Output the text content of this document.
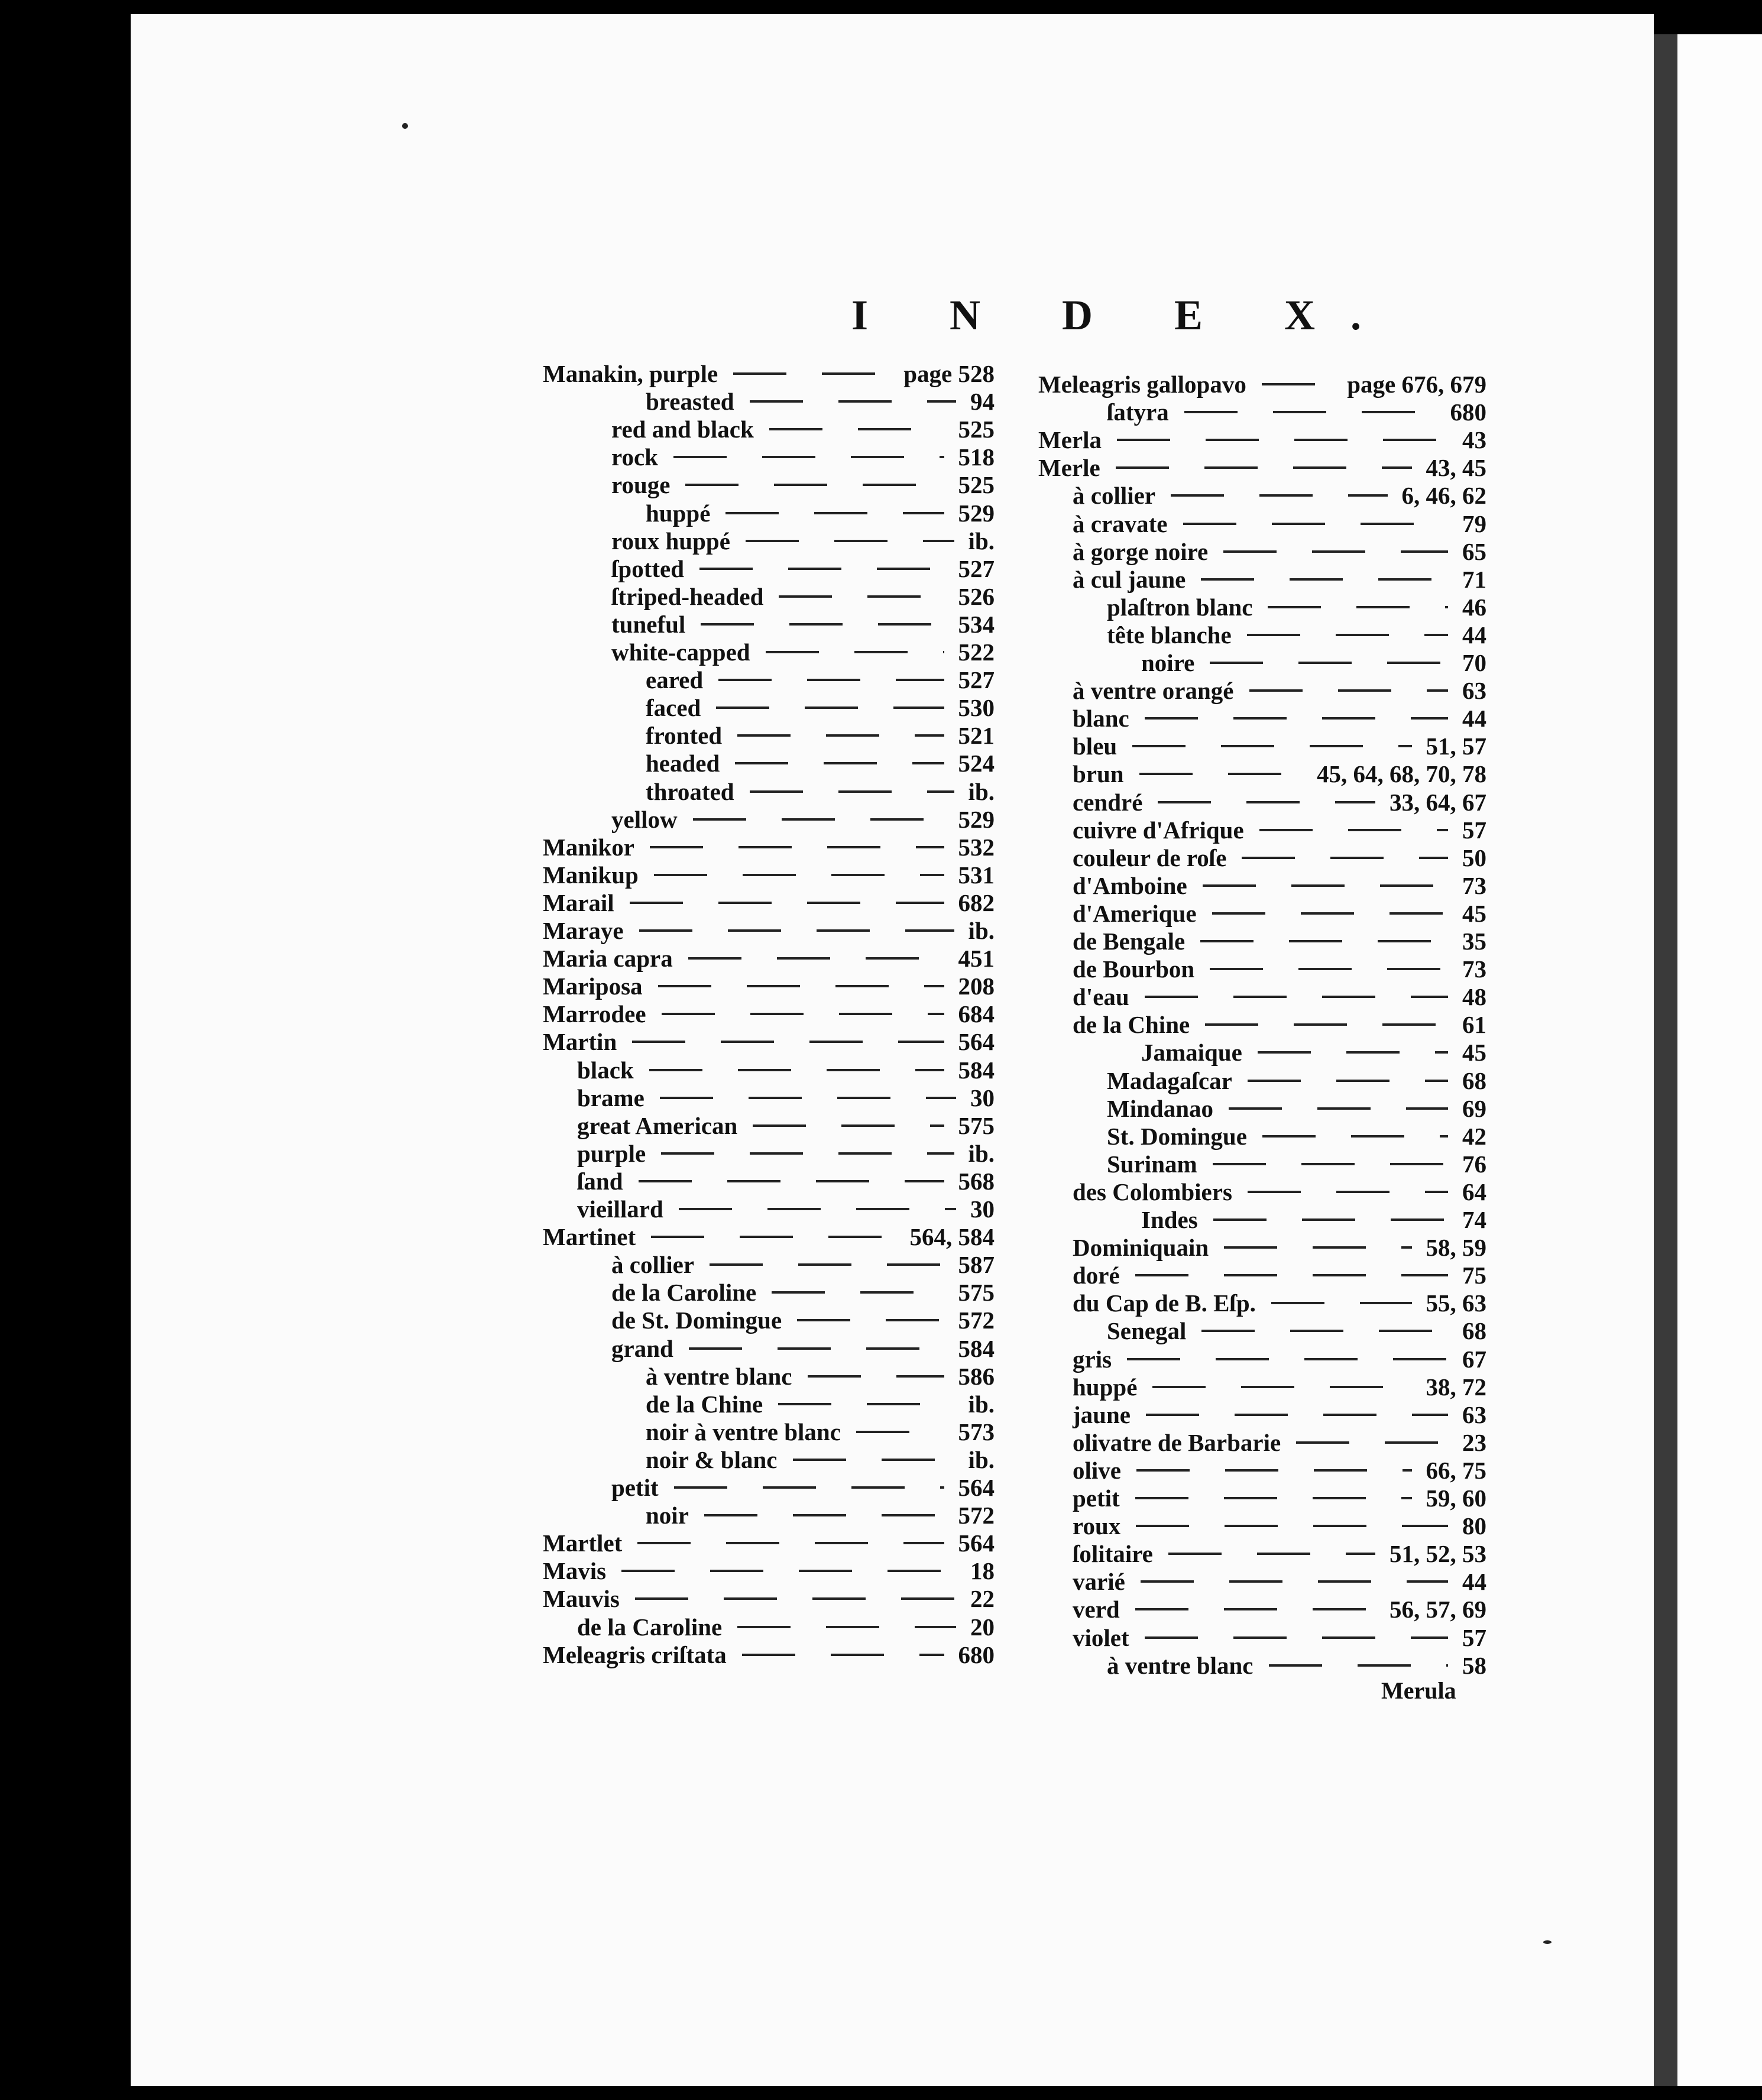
I N D E X.
Manakin, purple	page 528
breasted	94
red and black	525
rock	518
rouge	525
huppé	529
roux huppé	ib.
ſpotted	527
ſtriped-headed	526
tuneful	534
white-capped	522
eared	527
faced	530
fronted	521
headed	524
throated	ib.
yellow	529
Manikor	532
Manikup	531
Marail	682
Maraye	ib.
Maria capra	451
Mariposa	208
Marrodee	684
Martin	564
black	584
brame	30
great American	575
purple	ib.
ſand	568
vieillard	30
Martinet	564, 584
à collier	587
de la Caroline	575
de St. Domingue	572
grand	584
à ventre blanc	586
de la Chine	ib.
noir à ventre blanc	573
noir & blanc	ib.
petit	564
noir	572
Martlet	564
Mavis	18
Mauvis	22
de la Caroline	20
Meleagris criſtata	680
Meleagris gallopavo	page 676, 679
ſatyra	680
Merla	43
Merle	43, 45
à collier	6, 46, 62
à cravate	79
à gorge noire	65
à cul jaune	71
plaſtron blanc	46
tête blanche	44
noire	70
à ventre orangé	63
blanc	44
bleu	51, 57
brun	45, 64, 68, 70, 78
cendré	33, 64, 67
cuivre d'Afrique	57
couleur de roſe	50
d'Amboine	73
d'Amerique	45
de Bengale	35
de Bourbon	73
d'eau	48
de la Chine	61
Jamaique	45
Madagaſcar	68
Mindanao	69
St. Domingue	42
Surinam	76
des Colombiers	64
Indes	74
Dominiquain	58, 59
doré	75
du Cap de B. Eſp.	55, 63
Senegal	68
gris	67
huppé	38, 72
jaune	63
olivatre de Barbarie	23
olive	66, 75
petit	59, 60
roux	80
ſolitaire	51, 52, 53
varié	44
verd	56, 57, 69
violet	57
à ventre blanc	58
Merula
